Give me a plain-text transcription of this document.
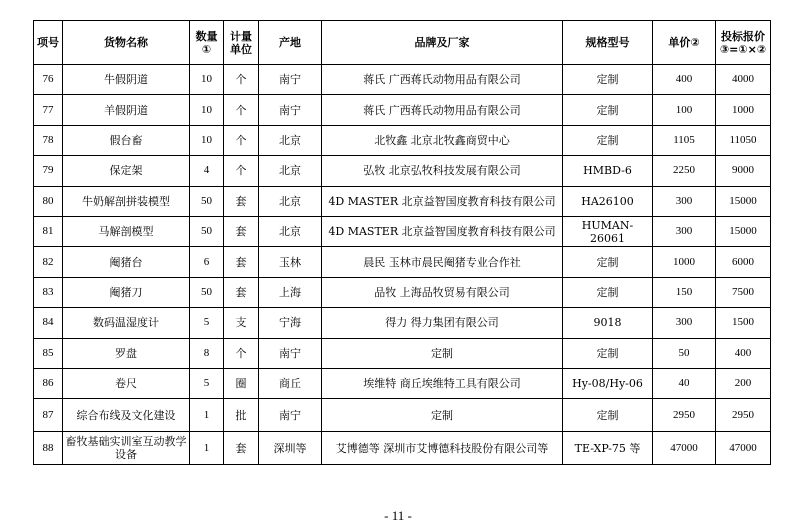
项号	货物名称	数量①	计量单位	产地	品牌及厂家	规格型号	单价②	投标报价③=①×②
76	牛假阴道	10	个	南宁	蒋氏 广西蒋氏动物用品有限公司	定制	400	4000
77	羊假阴道	10	个	南宁	蒋氏 广西蒋氏动物用品有限公司	定制	100	1000
78	假台畜	10	个	北京	北牧鑫 北京北牧鑫商贸中心	定制	1105	11050
79	保定架	4	个	北京	弘牧 北京弘牧科技发展有限公司	HMBD-6	2250	9000
80	牛奶解剖拼装模型	50	套	北京	4D MASTER 北京益智国度教育科技有限公司	HA26100	300	15000
81	马解剖模型	50	套	北京	4D MASTER 北京益智国度教育科技有限公司	HUMAN-26061	300	15000
82	阉猪台	6	套	玉林	晨民 玉林市晨民阉猪专业合作社	定制	1000	6000
83	阉猪刀	50	套	上海	品牧 上海品牧贸易有限公司	定制	150	7500
84	数码温湿度计	5	支	宁海	得力 得力集团有限公司	9018	300	1500
85	罗盘	8	个	南宁	定制	定制	50	400
86	卷尺	5	圈	商丘	埃维特 商丘埃维特工具有限公司	Hy-08/Hy-06	40	200
87	综合布线及文化建设	1	批	南宁	定制	定制	2950	2950
88	畜牧基础实训室互动教学设备	1	套	深圳等	艾博德等 深圳市艾博德科技股份有限公司等	TE-XP-75 等	47000	47000
- 11 -
